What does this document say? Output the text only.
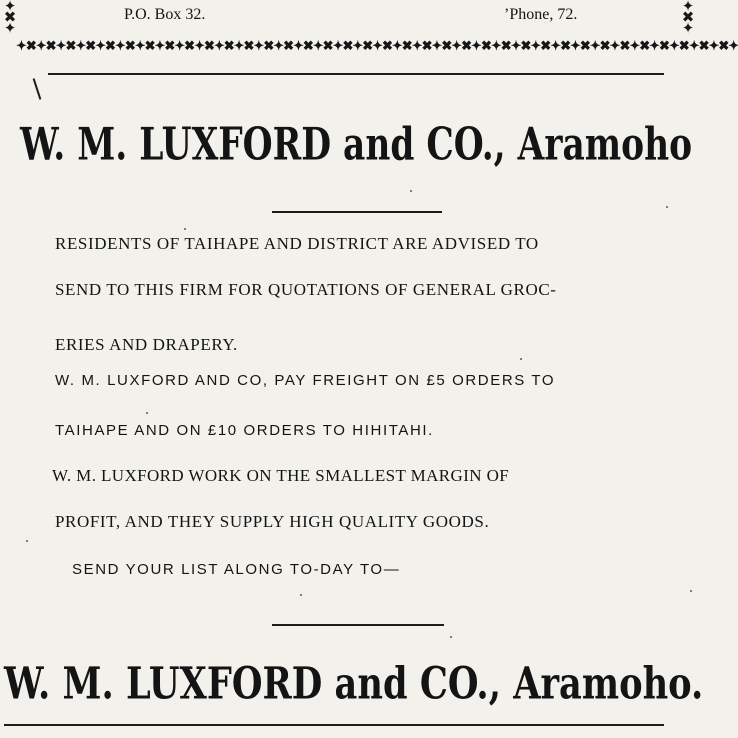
✦✖✦
✦✖✦
P.O. Box 32.	’Phone, 72.
✦✖✦✖✦✖✦✖✦✖✦✖✦✖✦✖✦✖✦✖✦✖✦✖✦✖✦✖✦✖✦✖✦✖✦✖✦✖✦✖✦✖✦✖✦✖✦✖✦✖✦✖✦✖✦✖✦✖✦✖✦✖✦✖✦✖✦✖✦✖✦✖✦
W. M. LUXFORD and CO., Aramoho
RESIDENTS OF TAIHAPE AND DISTRICT ARE ADVISED TO
SEND TO THIS FIRM FOR QUOTATIONS OF GENERAL GROC-
ERIES AND DRAPERY.
W. M. LUXFORD AND CO, PAY FREIGHT ON £5 ORDERS TO
TAIHAPE AND ON £10 ORDERS TO HIHITAHI.
W. M. LUXFORD WORK ON THE SMALLEST MARGIN OF
PROFIT, AND THEY SUPPLY HIGH QUALITY GOODS.
SEND YOUR LIST ALONG TO-DAY TO—
W. M. LUXFORD and CO., Aramoho.
